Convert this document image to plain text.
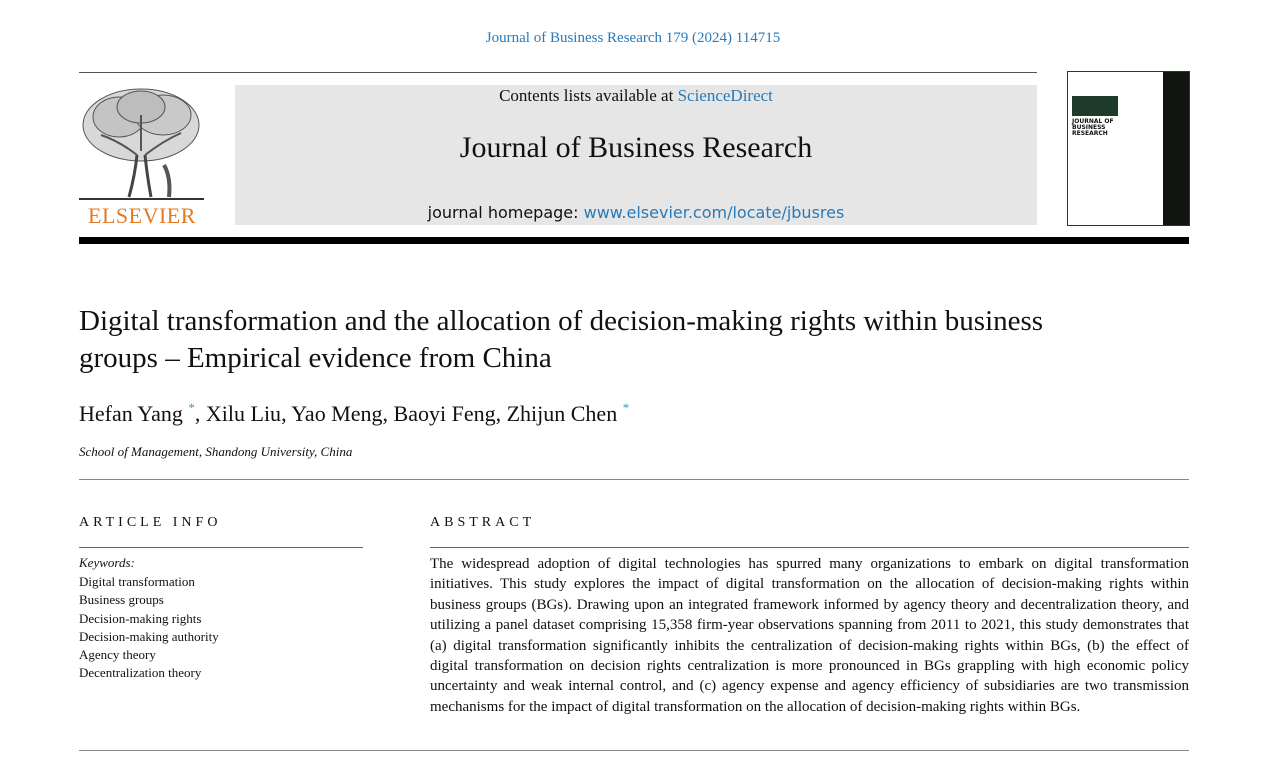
Journal of Business Research 179 (2024) 114715
ELSEVIER
Contents lists available at ScienceDirect
Journal of Business Research
journal homepage: www.elsevier.com/locate/jbusres
JOURNAL OF
BUSINESS
RESEARCH
Digital transformation and the allocation of decision-making rights within business groups – Empirical evidence from China
Hefan Yang *, Xilu Liu, Yao Meng, Baoyi Feng, Zhijun Chen *
School of Management, Shandong University, China
ARTICLE INFO	ABSTRACT
Keywords:
Digital transformation
Business groups
Decision-making rights
Decision-making authority
Agency theory
Decentralization theory

The widespread adoption of digital technologies has spurred many organizations to embark on digital transformation initiatives. This study explores the impact of digital transformation on the allocation of decision-making rights within business groups (BGs). Drawing upon an integrated framework informed by agency theory and decentralization theory, and utilizing a panel dataset comprising 15,358 firm-year observations spanning from 2011 to 2021, this study demonstrates that (a) digital transformation significantly inhibits the centralization of decision-making rights within BGs, (b) the effect of digital transformation on decision rights centralization is more pronounced in BGs grappling with high economic policy uncertainty and weak internal control, and (c) agency expense and agency efficiency of subsidiaries are two transmission mechanisms for the impact of digital transformation on the allocation of decision-making rights within BGs.
